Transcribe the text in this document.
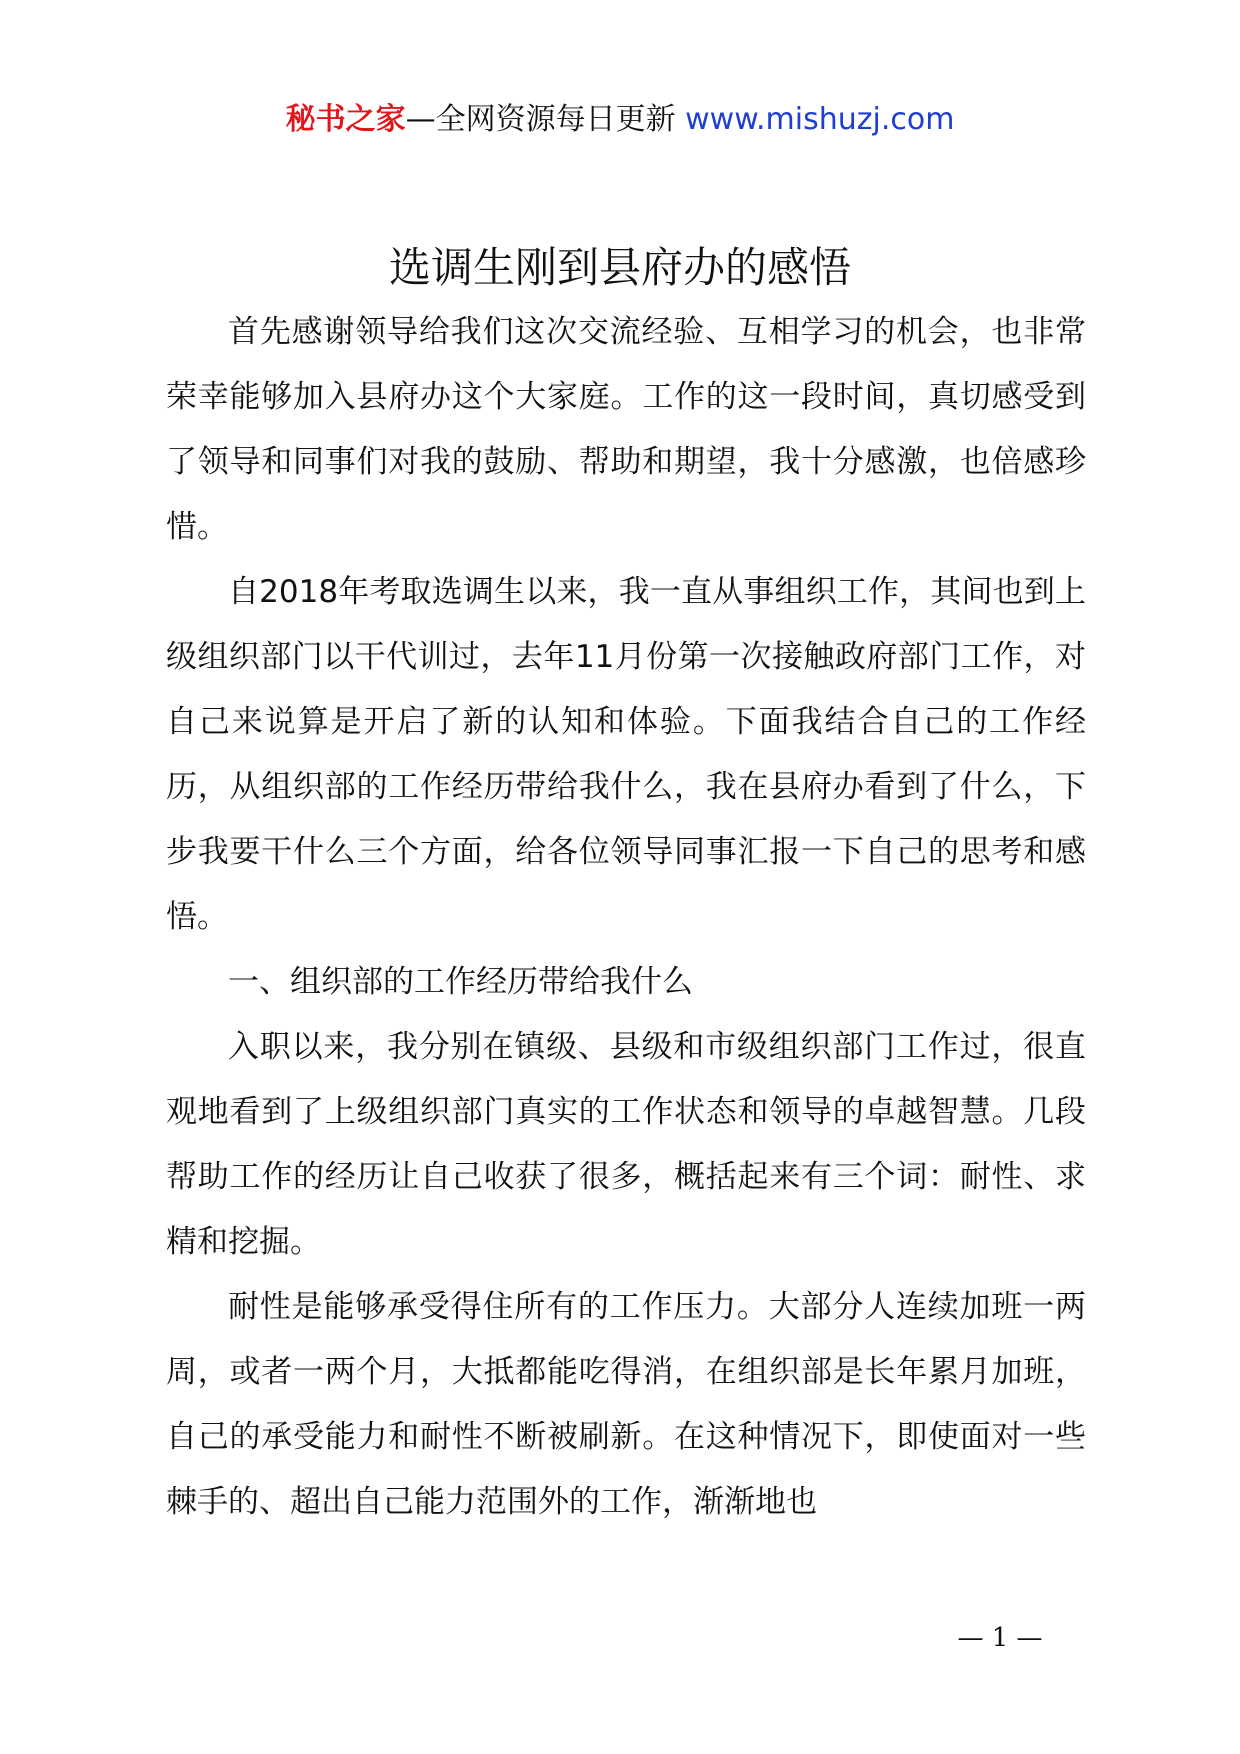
秘书之家—全网资源每日更新 www.mishuzj.com
选调生刚到县府办的感悟

首先感谢领导给我们这次交流经验、互相学习的机会，也非常荣幸能够加入县府办这个大家庭。工作的这一段时间，真切感受到了领导和同事们对我的鼓励、帮助和期望，我十分感激，也倍感珍惜。

自2018年考取选调生以来，我一直从事组织工作，其间也到上级组织部门以干代训过，去年11月份第一次接触政府部门工作，对自己来说算是开启了新的认知和体验。下面我结合自己的工作经历，从组织部的工作经历带给我什么，我在县府办看到了什么，下步我要干什么三个方面，给各位领导同事汇报一下自己的思考和感悟。

一、组织部的工作经历带给我什么

入职以来，我分别在镇级、县级和市级组织部门工作过，很直观地看到了上级组织部门真实的工作状态和领导的卓越智慧。几段帮助工作的经历让自己收获了很多，概括起来有三个词：耐性、求精和挖掘。

耐性是能够承受得住所有的工作压力。大部分人连续加班一两周，或者一两个月，大抵都能吃得消，在组织部是长年累月加班，自己的承受能力和耐性不断被刷新。在这种情况下，即使面对一些棘手的、超出自己能力范围外的工作，渐渐地也

— 1 —
